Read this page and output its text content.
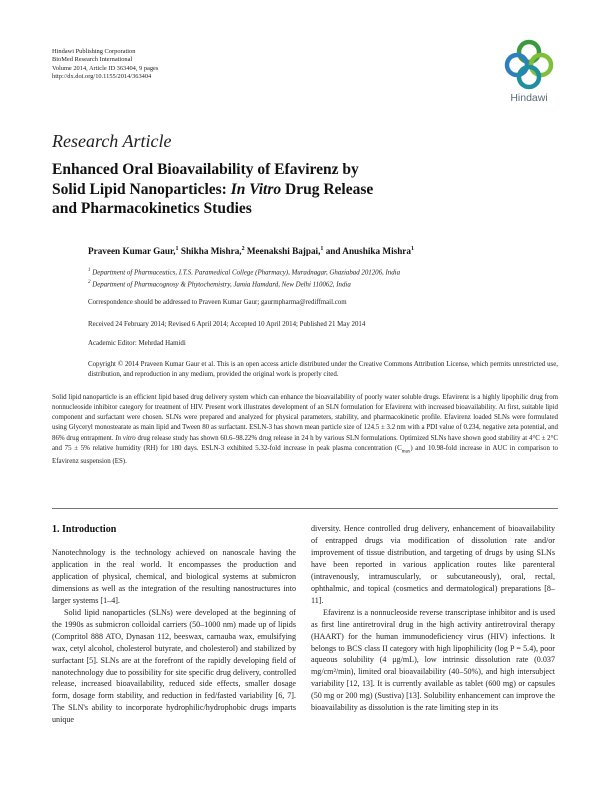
Hindawi Publishing Corporation
BioMed Research International
Volume 2014, Article ID 363404, 9 pages
http://dx.doi.org/10.1155/2014/363404
Hindawi
Research Article
Enhanced Oral Bioavailability of Efavirenz by
Solid Lipid Nanoparticles: In Vitro Drug Release
and Pharmacokinetics Studies
Praveen Kumar Gaur,$^1$ Shikha Mishra,$^2$ Meenakshi Bajpai,$^1$ and Anushika Mishra$^1$
$^1$ Department of Pharmaceutics, I.T.S. Paramedical College (Pharmacy), Muradnagar, Ghaziabad 201206, India
$^2$ Department of Pharmacognosy & Phytochemistry, Jamia Hamdard, New Delhi 110062, India
Correspondence should be addressed to Praveen Kumar Gaur; gaurmpharma@rediffmail.com
Received 24 February 2014; Revised 6 April 2014; Accepted 10 April 2014; Published 21 May 2014
Academic Editor: Mehrdad Hamidi
Copyright © 2014 Praveen Kumar Gaur et al. This is an open access article distributed under the Creative Commons Attribution License, which permits unrestricted use, distribution, and reproduction in any medium, provided the original work is properly cited.
Solid lipid nanoparticle is an efficient lipid based drug delivery system which can enhance the bioavailability of poorly water soluble drugs. Efavirenz is a highly lipophilic drug from nonnucleoside inhibitor category for treatment of HIV. Present work illustrates development of an SLN formulation for Efavirenz with increased bioavailability. At first, suitable lipid component and surfactant were chosen. SLNs were prepared and analyzed for physical parameters, stability, and pharmacokinetic profile. Efavirenz loaded SLNs were formulated using Glyceryl monostearate as main lipid and Tween 80 as surfactant. ESLN-3 has shown mean particle size of 124.5 ± 3.2 nm with a PDI value of 0.234, negative zeta potential, and 86% drug entrapment. In vitro drug release study has shown 60.6–98.22% drug release in 24 h by various SLN formulations. Optimized SLNs have shown good stability at 4°C ± 2°C and 75 ± 5% relative humidity (RH) for 180 days. ESLN-3 exhibited 5.32-fold increase in peak plasma concentration $(C_{max})$ and 10.98-fold increase in AUC in comparison to Efavirenz suspension (ES).
1. Introduction

Nanotechnology is the technology achieved on nanoscale having the application in the real world. It encompasses the production and application of physical, chemical, and biological systems at submicron dimensions as well as the integration of the resulting nanostructures into larger systems [1–4].

Solid lipid nanoparticles (SLNs) were developed at the beginning of the 1990s as submicron colloidal carriers (50–1000 nm) made up of lipids (Compritol 888 ATO, Dynasan 112, beeswax, carnauba wax, emulsifying wax, cetyl alcohol, cholesterol butyrate, and cholesterol) and stabilized by surfactant [5]. SLNs are at the forefront of the rapidly developing field of nanotechnology due to possibility for site specific drug delivery, controlled release, increased bioavailability, reduced side effects, smaller dosage form, dosage form stability, and reduction in fed/fasted variability [6, 7]. The SLN's ability to incorporate hydrophilic/hydrophobic drugs imparts unique

diversity. Hence controlled drug delivery, enhancement of bioavailability of entrapped drugs via modification of dissolution rate and/or improvement of tissue distribution, and targeting of drugs by using SLNs have been reported in various application routes like parenteral (intravenously, intramuscularly, or subcutaneously), oral, rectal, ophthalmic, and topical (cosmetics and dermatological) preparations [8–11].

Efavirenz is a nonnucleoside reverse transcriptase inhibitor and is used as first line antiretroviral drug in the high activity antiretroviral therapy (HAART) for the human immunodeficiency virus (HIV) infections. It belongs to BCS class II category with high lipophilicity (log P = 5.4), poor aqueous solubility (4 μg/mL), low intrinsic dissolution rate (0.037 mg/cm²/min), limited oral bioavailability (40–50%), and high intersubject variability [12, 13]. It is currently available as tablet (600 mg) or capsules (50 mg or 200 mg) (Sustiva) [13]. Solubility enhancement can improve the bioavailability as dissolution is the rate limiting step in its
